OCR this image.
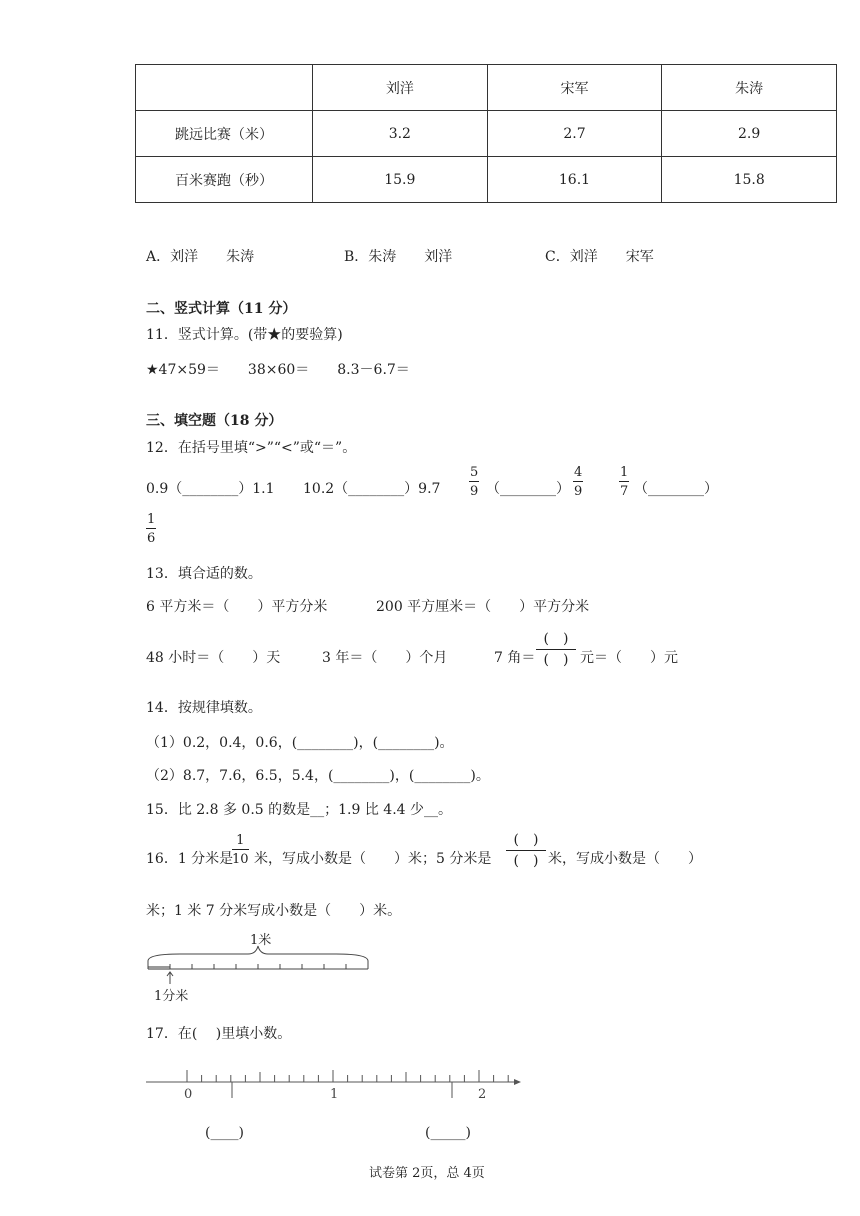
	刘洋	宋军	朱涛
跳远比赛（米）	3.2	2.7	2.9
百米赛跑（秒）	15.9	16.1	15.8
A．刘洋　　朱涛	B．朱涛　　刘洋	C．刘洋　　宋军
二、竖式计算（11 分）
11．竖式计算。(带★的要验算)
★47×59＝　　38×60＝　　8.3－6.7＝
三、填空题（18 分）
12．在括号里填“>”“<”或“＝”。
0.9（________）1.1 10.2（________）9.7 $\frac{5}{9}$ （________） $\frac{4}{9}$	$\frac{1}{7}$ （________）
$\frac{1}{6}$
13．填合适的数。
6 平方米＝（　　）平方分米	200 平方厘米＝（　　）平方分米
48 小时＝（　　）天	3 年＝（　　）个月	7 角＝
(　)
(　) 元＝（　　）元
14．按规律填数。
（1）0.2，0.4，0.6，(________)，(________)。
（2）8.7，7.6，6.5，5.4，(________)，(________)。
15．比 2.8 多 0.5 的数是__；1.9 比 4.4 少__。
16．1 分米是
$\frac{1}{10}$ 米，写成小数是（　　）米；5 分米是
(　)
(　) 米，写成小数是（　　）
米；1 米 7 分米写成小数是（　　）米。
1米
1分米
17．在(　 )里填小数。
0	1	2
(____)	(_____)
试卷第 2页，总 4页
